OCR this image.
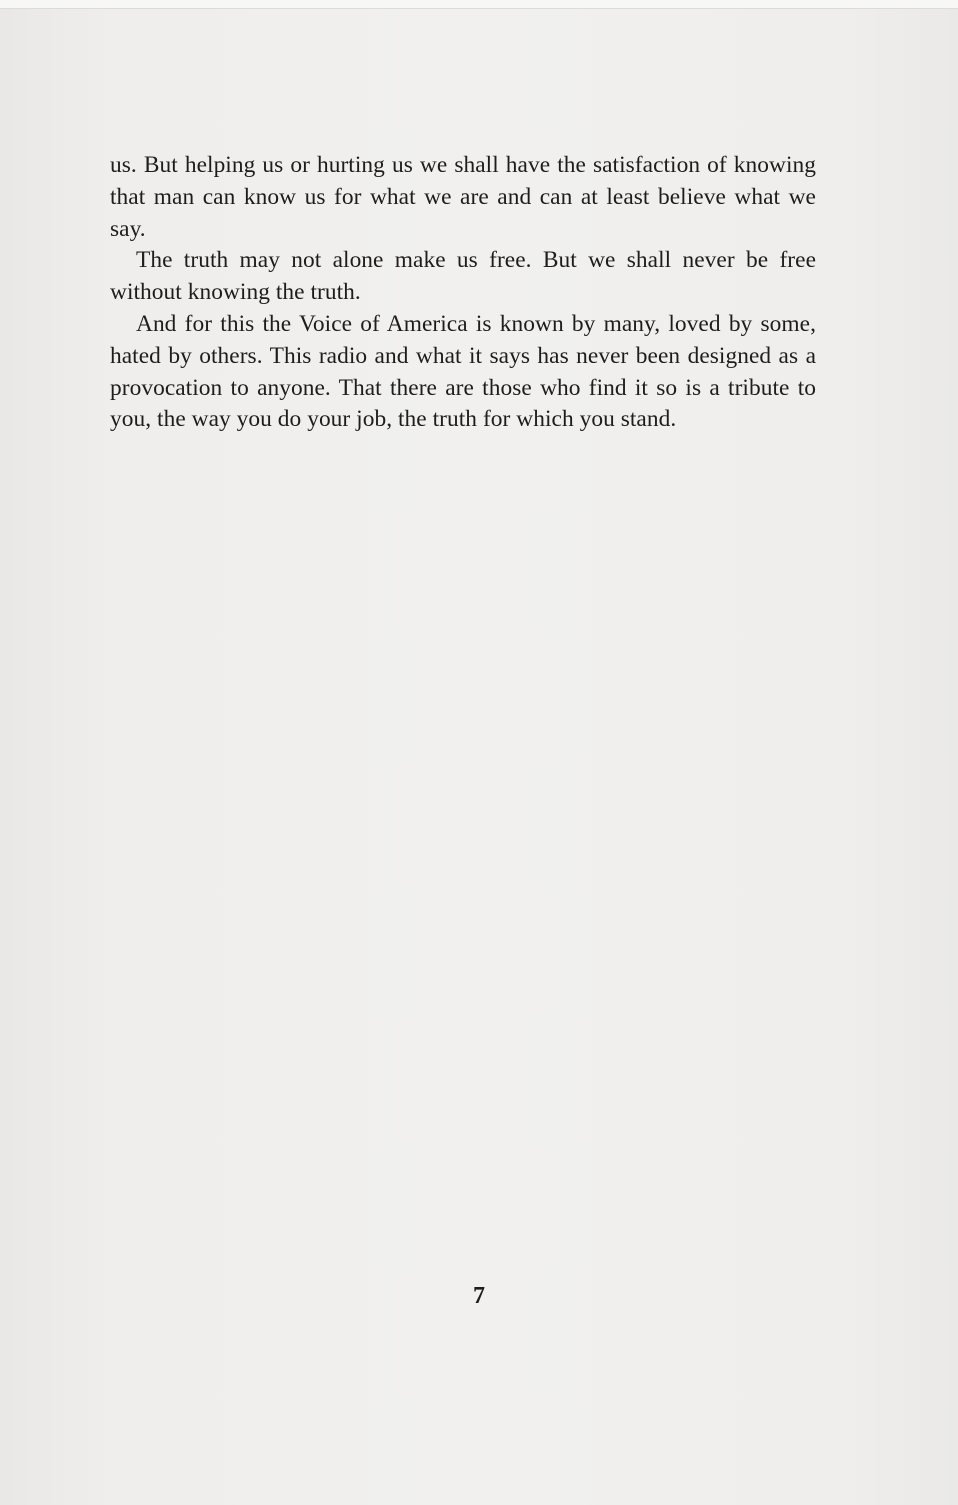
us. But helping us or hurting us we shall have the satisfaction of knowing that man can know us for what we are and can at least believe what we say.

The truth may not alone make us free. But we shall never be free without knowing the truth.

And for this the Voice of America is known by many, loved by some, hated by others. This radio and what it says has never been designed as a provocation to anyone. That there are those who find it so is a tribute to you, the way you do your job, the truth for which you stand.

7
